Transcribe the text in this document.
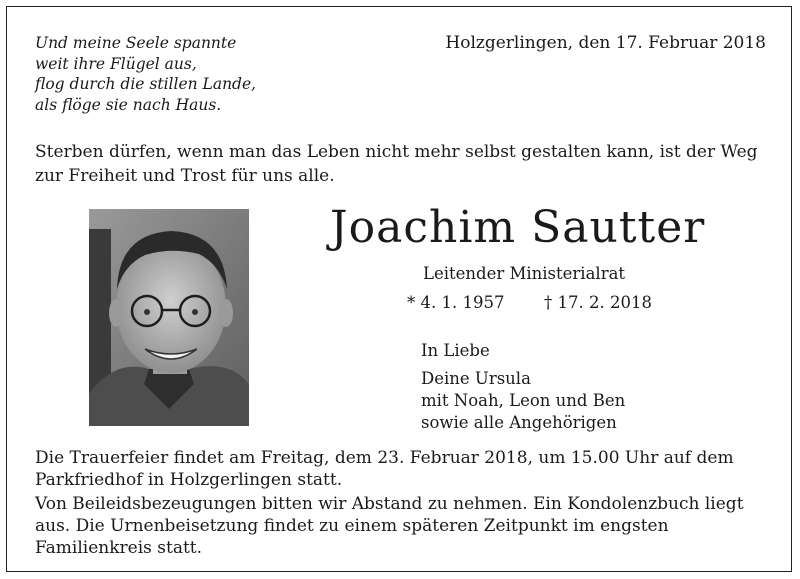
Und meine Seele spannte
weit ihre Flügel aus,
flog durch die stillen Lande,
als flöge sie nach Haus.
Holzgerlingen, den 17. Februar 2018
Sterben dürfen, wenn man das Leben nicht mehr selbst gestalten kann, ist der Weg zur Freiheit und Trost für uns alle.
Joachim Sautter
Leitender Ministerialrat
* 4. 1. 1957 † 17. 2. 2018
In Liebe
Deine Ursula
mit Noah, Leon und Ben
sowie alle Angehörigen

Die Trauerfeier findet am Freitag, dem 23. Februar 2018, um 15.00 Uhr auf dem Parkfriedhof in Holzgerlingen statt.

Von Beileidsbezeugungen bitten wir Abstand zu nehmen. Ein Kondolenzbuch liegt aus. Die Urnenbeisetzung findet zu einem späteren Zeitpunkt im engsten Familienkreis statt.
